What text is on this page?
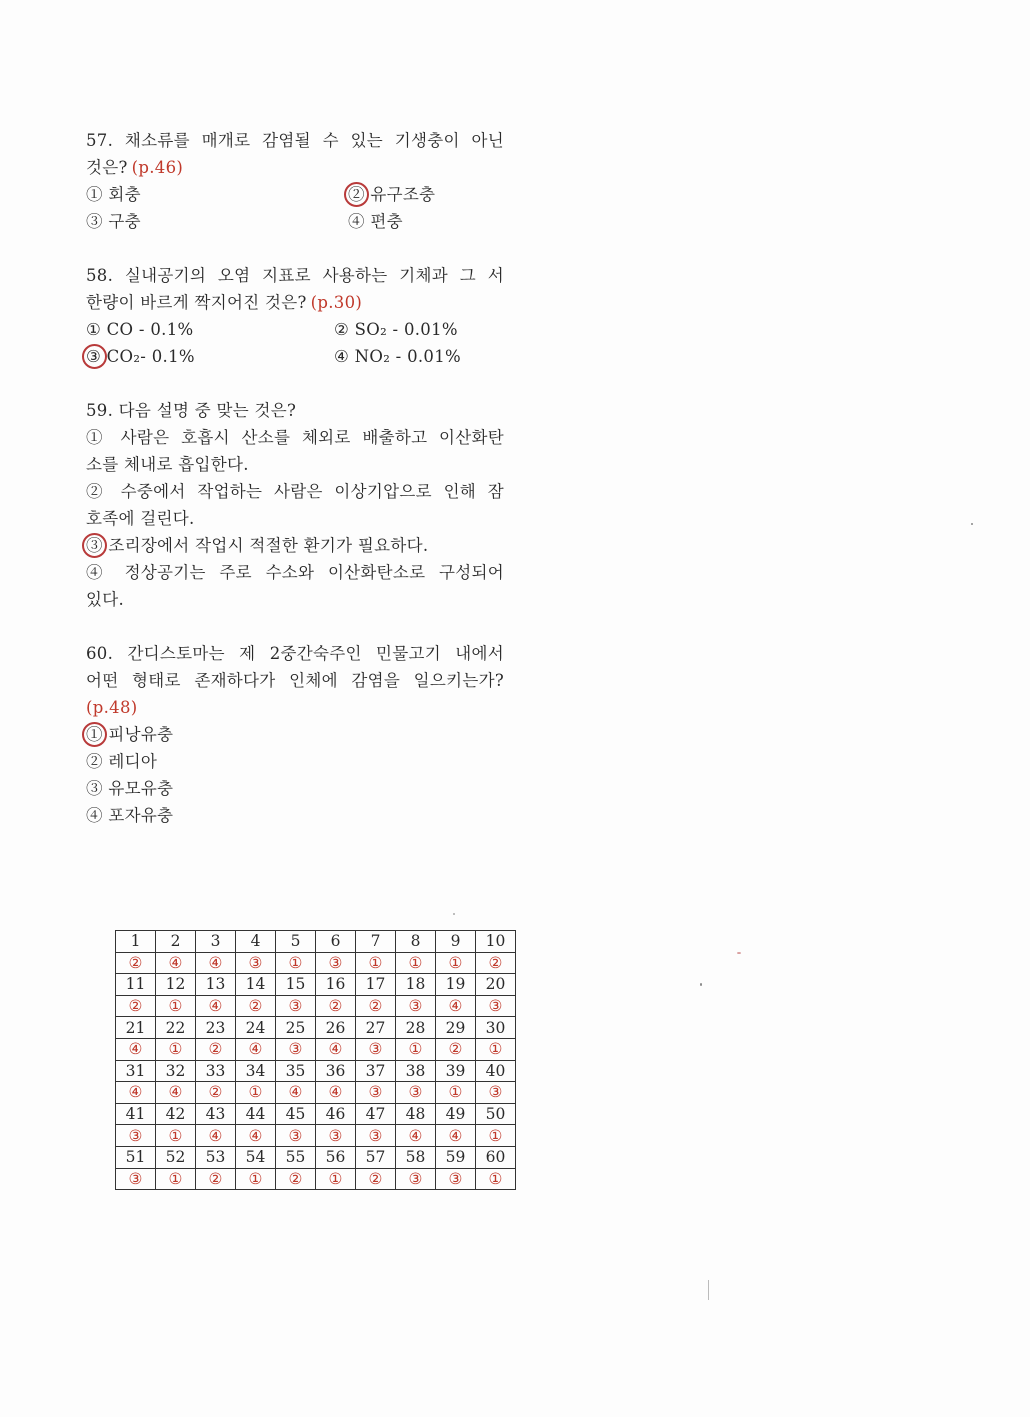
57. 채소류를 매개로 감염될 수 있는 기생충이 아닌
것은? (p.46)
① 회충	② 유구조충
③ 구충	④ 편충
58. 실내공기의 오염 지표로 사용하는 기체과 그 서
한량이 바르게 짝지어진 것은? (p.30)
① CO - 0.1%	② SO₂ - 0.01%
③ CO₂- 0.1%	④ NO₂ - 0.01%
59. 다음 설명 중 맞는 것은?
① 사람은 호흡시 산소를 체외로 배출하고 이산화탄
소를 체내로 흡입한다.
② 수중에서 작업하는 사람은 이상기압으로 인해 잠
호족에 걸린다.
③ 조리장에서 작업시 적절한 환기가 필요하다.
④ 정상공기는 주로 수소와 이산화탄소로 구성되어
있다.
60. 간디스토마는 제 2중간숙주인 민물고기 내에서
어떤 형태로 존재하다가 인체에 감염을 일으키는가?
(p.48)
① 피낭유충
② 레디아
③ 유모유충
④ 포자유충
1	2	3	4	5	6	7	8	9	10
②	④	④	③	①	③	①	①	①	②
11	12	13	14	15	16	17	18	19	20
②	①	④	②	③	②	②	③	④	③
21	22	23	24	25	26	27	28	29	30
④	①	②	④	③	④	③	①	②	①
31	32	33	34	35	36	37	38	39	40
④	④	②	①	④	④	③	③	①	③
41	42	43	44	45	46	47	48	49	50
③	①	④	④	③	③	③	④	④	①
51	52	53	54	55	56	57	58	59	60
③	①	②	①	②	①	②	③	③	①
